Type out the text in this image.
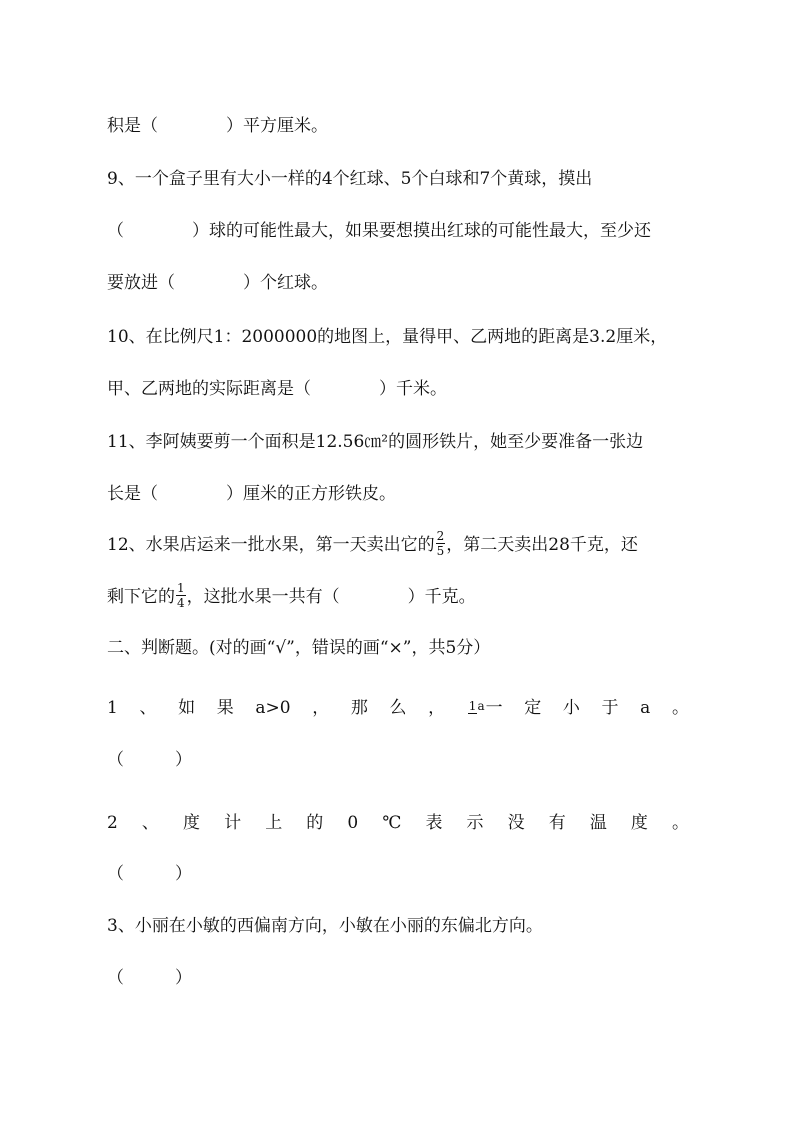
积是（　　　　）平方厘米。
9、一个盒子里有大小一样的4个红球、5个白球和7个黄球，摸出
（　　　　）球的可能性最大，如果要想摸出红球的可能性最大，至少还
要放进（　　　　）个红球。
10、在比例尺1：2000000的地图上，量得甲、乙两地的距离是3.2厘米，
甲、乙两地的实际距离是（　　　　）千米。
11、李阿姨要剪一个面积是12.56㎝²的圆形铁片，她至少要准备一张边
长是（　　　　）厘米的正方形铁皮。
12、水果店运来一批水果，第一天卖出它的 $\frac{2}{5}$ ，第二天卖出28千克，还
剩下它的 $\frac{1}{4}$ ，这批水果一共有（　　　　）千克。
二、判断题。(对的画“√”，错误的画“×”，共5分）
1 、 如 果 a>0 ， 那 么 ， 1a一 定 小 于 a 。
（　　　）
2 、 度 计 上 的 0 ℃ 表 示 没 有 温 度 。
（　　　）
3、小丽在小敏的西偏南方向，小敏在小丽的东偏北方向。
（　　　）
